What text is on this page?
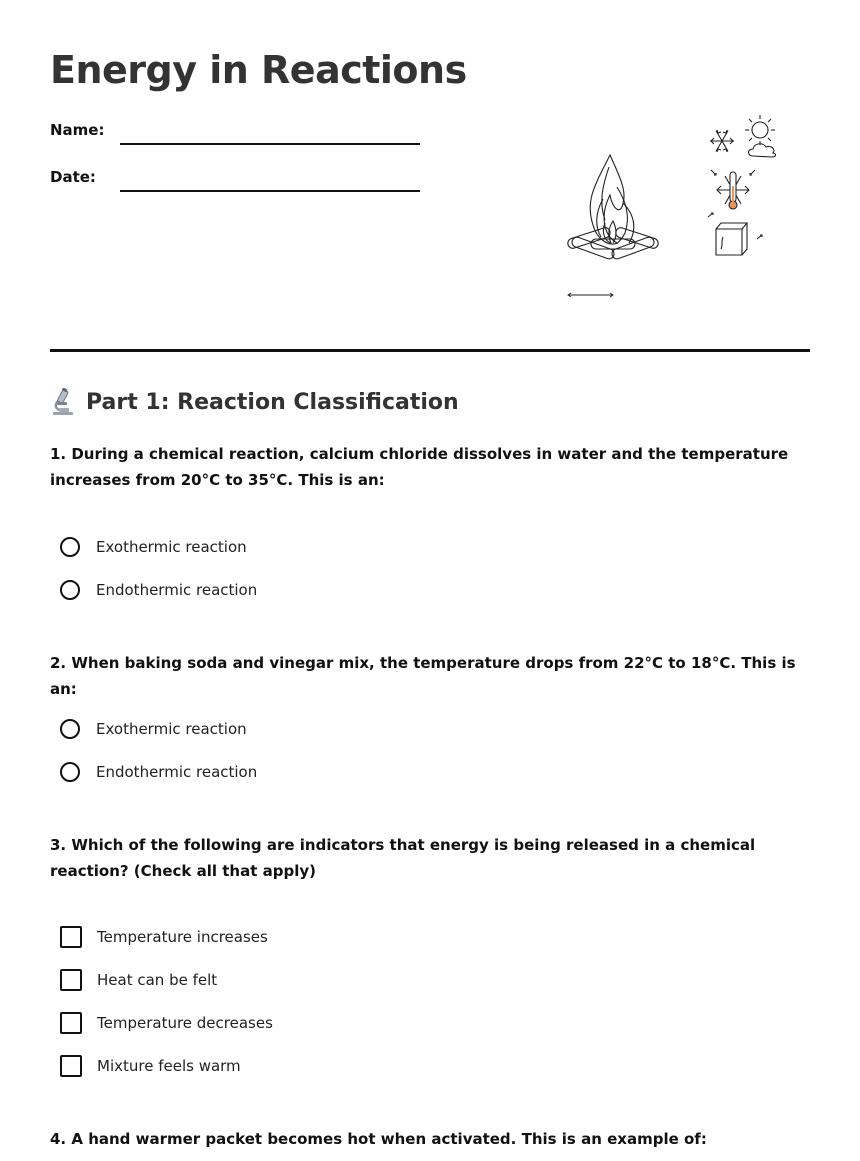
Energy in Reactions
Name:
Date:
Part 1: Reaction Classification
1. During a chemical reaction, calcium chloride dissolves in water and the temperature increases from 20°C to 35°C. This is an:
Exothermic reaction
Endothermic reaction
2. When baking soda and vinegar mix, the temperature drops from 22°C to 18°C. This is an:
Exothermic reaction
Endothermic reaction
3. Which of the following are indicators that energy is being released in a chemical reaction? (Check all that apply)
Temperature increases
Heat can be felt
Temperature decreases
Mixture feels warm
4. A hand warmer packet becomes hot when activated. This is an example of:
